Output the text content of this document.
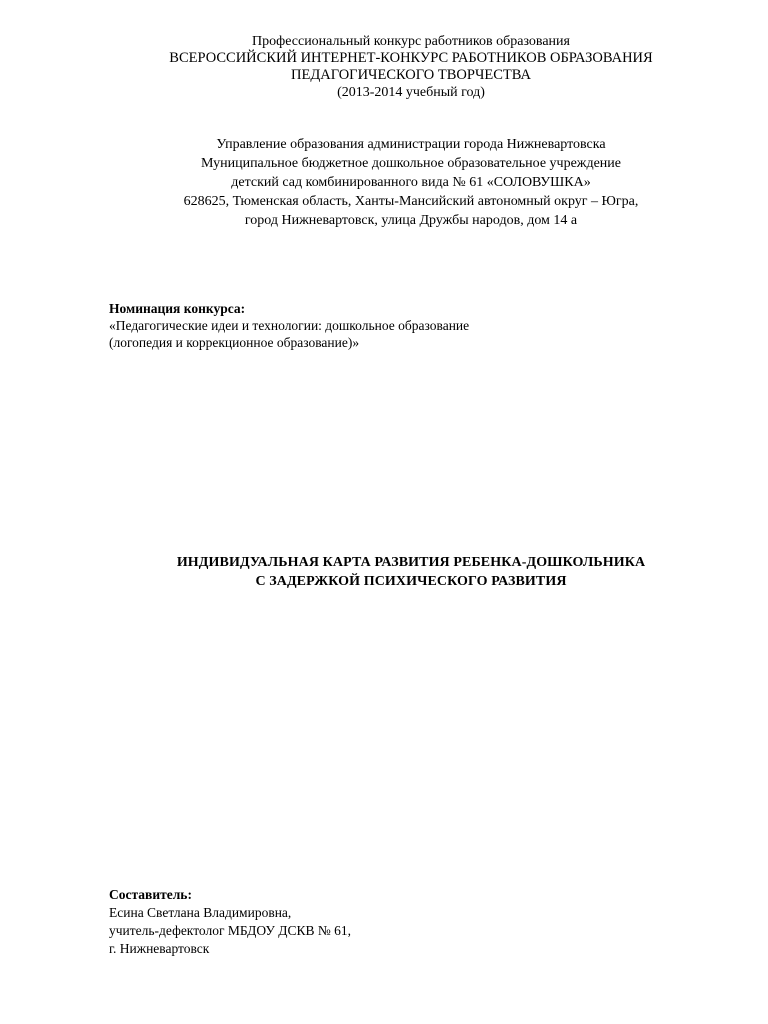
Профессиональный конкурс работников образования
ВСЕРОССИЙСКИЙ ИНТЕРНЕТ-КОНКУРС РАБОТНИКОВ ОБРАЗОВАНИЯ
ПЕДАГОГИЧЕСКОГО ТВОРЧЕСТВА
(2013-2014 учебный год)
Управление образования администрации города Нижневартовска
Муниципальное бюджетное дошкольное образовательное учреждение
детский сад комбинированного вида № 61 «СОЛОВУШКА»
628625, Тюменская область, Ханты-Мансийский автономный округ – Югра,
город Нижневартовск, улица Дружбы народов, дом 14 а
Номинация конкурса:
«Педагогические идеи и технологии: дошкольное образование
(логопедия и коррекционное образование)»
ИНДИВИДУАЛЬНАЯ КАРТА РАЗВИТИЯ РЕБЕНКА-ДОШКОЛЬНИКА
С ЗАДЕРЖКОЙ ПСИХИЧЕСКОГО РАЗВИТИЯ
Составитель:
Есина Светлана Владимировна,
учитель-дефектолог МБДОУ ДСКВ № 61,
г. Нижневартовск
